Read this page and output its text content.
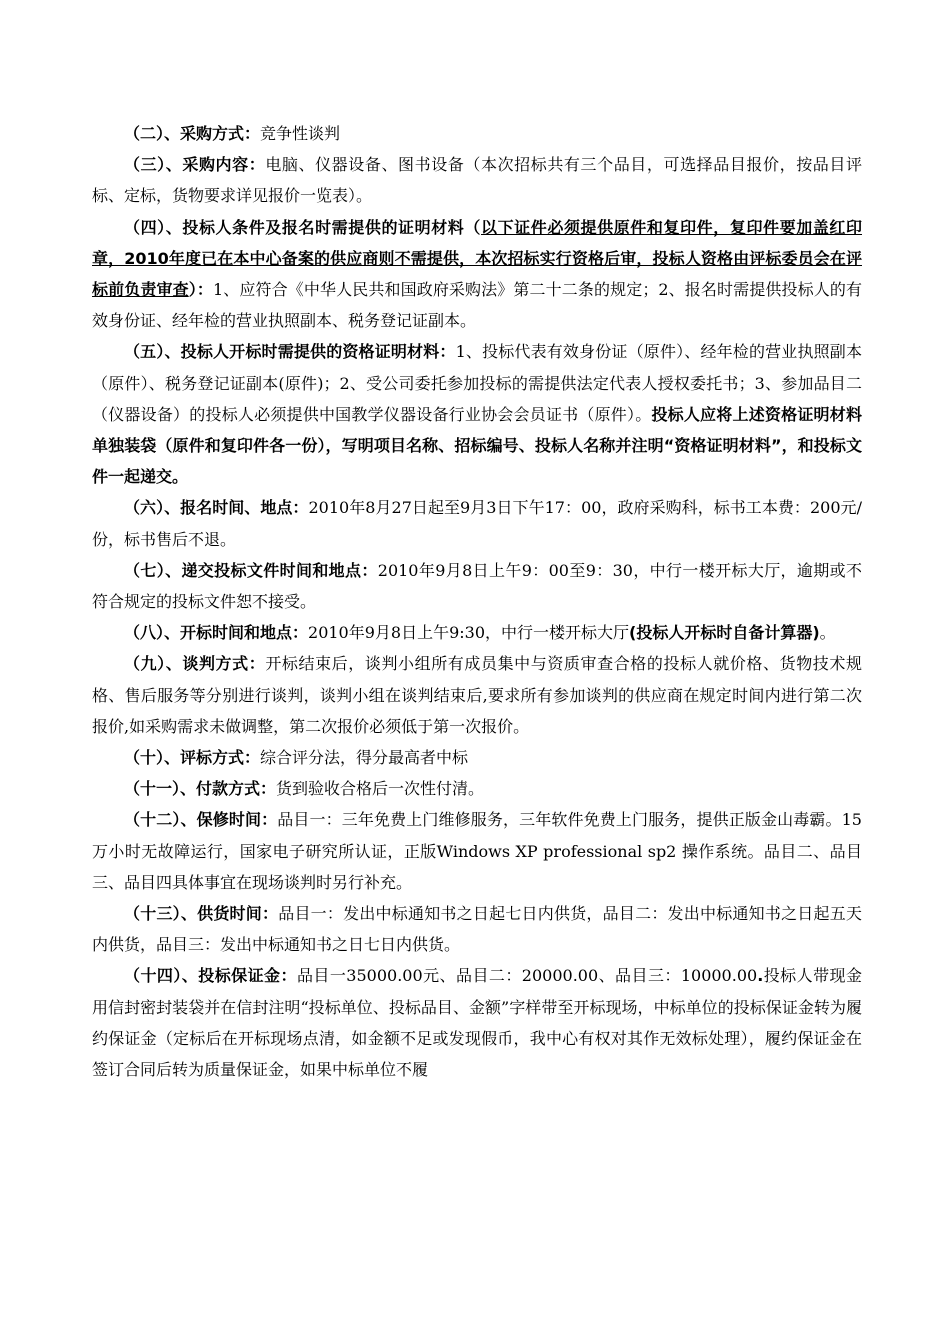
（二）、采购方式：竞争性谈判

（三）、采购内容：电脑、仪器设备、图书设备（本次招标共有三个品目，可选择品目报价，按品目评标、定标，货物要求详见报价一览表）。

（四）、投标人条件及报名时需提供的证明材料（以下证件必须提供原件和复印件，复印件要加盖红印章，2010年度已在本中心备案的供应商则不需提供，本次招标实行资格后审，投标人资格由评标委员会在评标前负责审查）：1、应符合《中华人民共和国政府采购法》第二十二条的规定；2、报名时需提供投标人的有效身份证、经年检的营业执照副本、税务登记证副本。

（五）、投标人开标时需提供的资格证明材料：1、投标代表有效身份证（原件）、经年检的营业执照副本（原件）、税务登记证副本(原件)；2、受公司委托参加投标的需提供法定代表人授权委托书；3、参加品目二（仪器设备）的投标人必须提供中国教学仪器设备行业协会会员证书（原件）。投标人应将上述资格证明材料单独装袋（原件和复印件各一份），写明项目名称、招标编号、投标人名称并注明“资格证明材料”，和投标文件一起递交。

（六）、报名时间、地点：2010年8月27日起至9月3日下午17：00，政府采购科，标书工本费：200元/份，标书售后不退。

（七）、递交投标文件时间和地点：2010年9月8日上午9：00至9：30，中行一楼开标大厅，逾期或不符合规定的投标文件恕不接受。

（八）、开标时间和地点：2010年9月8日上午9:30，中行一楼开标大厅(投标人开标时自备计算器)。

（九）、谈判方式：开标结束后，谈判小组所有成员集中与资质审查合格的投标人就价格、货物技术规格、售后服务等分别进行谈判，谈判小组在谈判结束后,要求所有参加谈判的供应商在规定时间内进行第二次报价,如采购需求未做调整，第二次报价必须低于第一次报价。

（十）、评标方式：综合评分法，得分最高者中标

（十一）、付款方式：货到验收合格后一次性付清。

（十二）、保修时间：品目一：三年免费上门维修服务，三年软件免费上门服务，提供正版金山毒霸。15万小时无故障运行，国家电子研究所认证，正版Windows XP professional sp2 操作系统。品目二、品目三、品目四具体事宜在现场谈判时另行补充。

（十三）、供货时间：品目一：发出中标通知书之日起七日内供货，品目二：发出中标通知书之日起五天内供货，品目三：发出中标通知书之日七日内供货。

（十四）、投标保证金：品目一35000.00元、品目二：20000.00、品目三：10000.00.投标人带现金用信封密封装袋并在信封注明“投标单位、投标品目、金额”字样带至开标现场，中标单位的投标保证金转为履约保证金（定标后在开标现场点清，如金额不足或发现假币，我中心有权对其作无效标处理），履约保证金在签订合同后转为质量保证金，如果中标单位不履
